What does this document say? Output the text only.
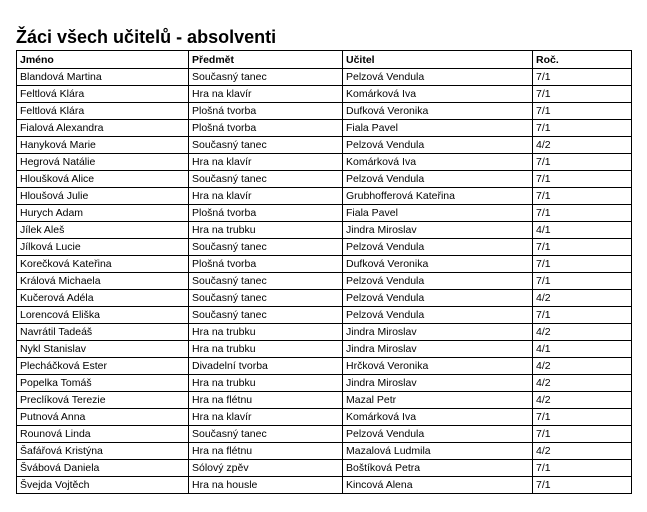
Žáci všech učitelů - absolventi
Jméno	Předmět	Učitel	Roč.
Blandová Martina	Současný tanec	Pelzová Vendula	7/1
Feltlová Klára	Hra na klavír	Komárková Iva	7/1
Feltlová Klára	Plošná tvorba	Dufková Veronika	7/1
Fialová Alexandra	Plošná tvorba	Fiala Pavel	7/1
Hanyková Marie	Současný tanec	Pelzová Vendula	4/2
Hegrová Natálie	Hra na klavír	Komárková Iva	7/1
Hloušková Alice	Současný tanec	Pelzová Vendula	7/1
Hloušová Julie	Hra na klavír	Grubhofferová Kateřina	7/1
Hurych Adam	Plošná tvorba	Fiala Pavel	7/1
Jílek Aleš	Hra na trubku	Jindra Miroslav	4/1
Jílková Lucie	Současný tanec	Pelzová Vendula	7/1
Korečková Kateřina	Plošná tvorba	Dufková Veronika	7/1
Králová Michaela	Současný tanec	Pelzová Vendula	7/1
Kučerová Adéla	Současný tanec	Pelzová Vendula	4/2
Lorencová Eliška	Současný tanec	Pelzová Vendula	7/1
Navrátil Tadeáš	Hra na trubku	Jindra Miroslav	4/2
Nykl Stanislav	Hra na trubku	Jindra Miroslav	4/1
Plecháčková Ester	Divadelní tvorba	Hrčková Veronika	4/2
Popelka Tomáš	Hra na trubku	Jindra Miroslav	4/2
Preclíková Terezie	Hra na flétnu	Mazal Petr	4/2
Putnová Anna	Hra na klavír	Komárková Iva	7/1
Rounová Linda	Současný tanec	Pelzová Vendula	7/1
Šafářová Kristýna	Hra na flétnu	Mazalová Ludmila	4/2
Švábová Daniela	Sólový zpěv	Boštíková Petra	7/1
Švejda Vojtěch	Hra na housle	Kincová Alena	7/1
